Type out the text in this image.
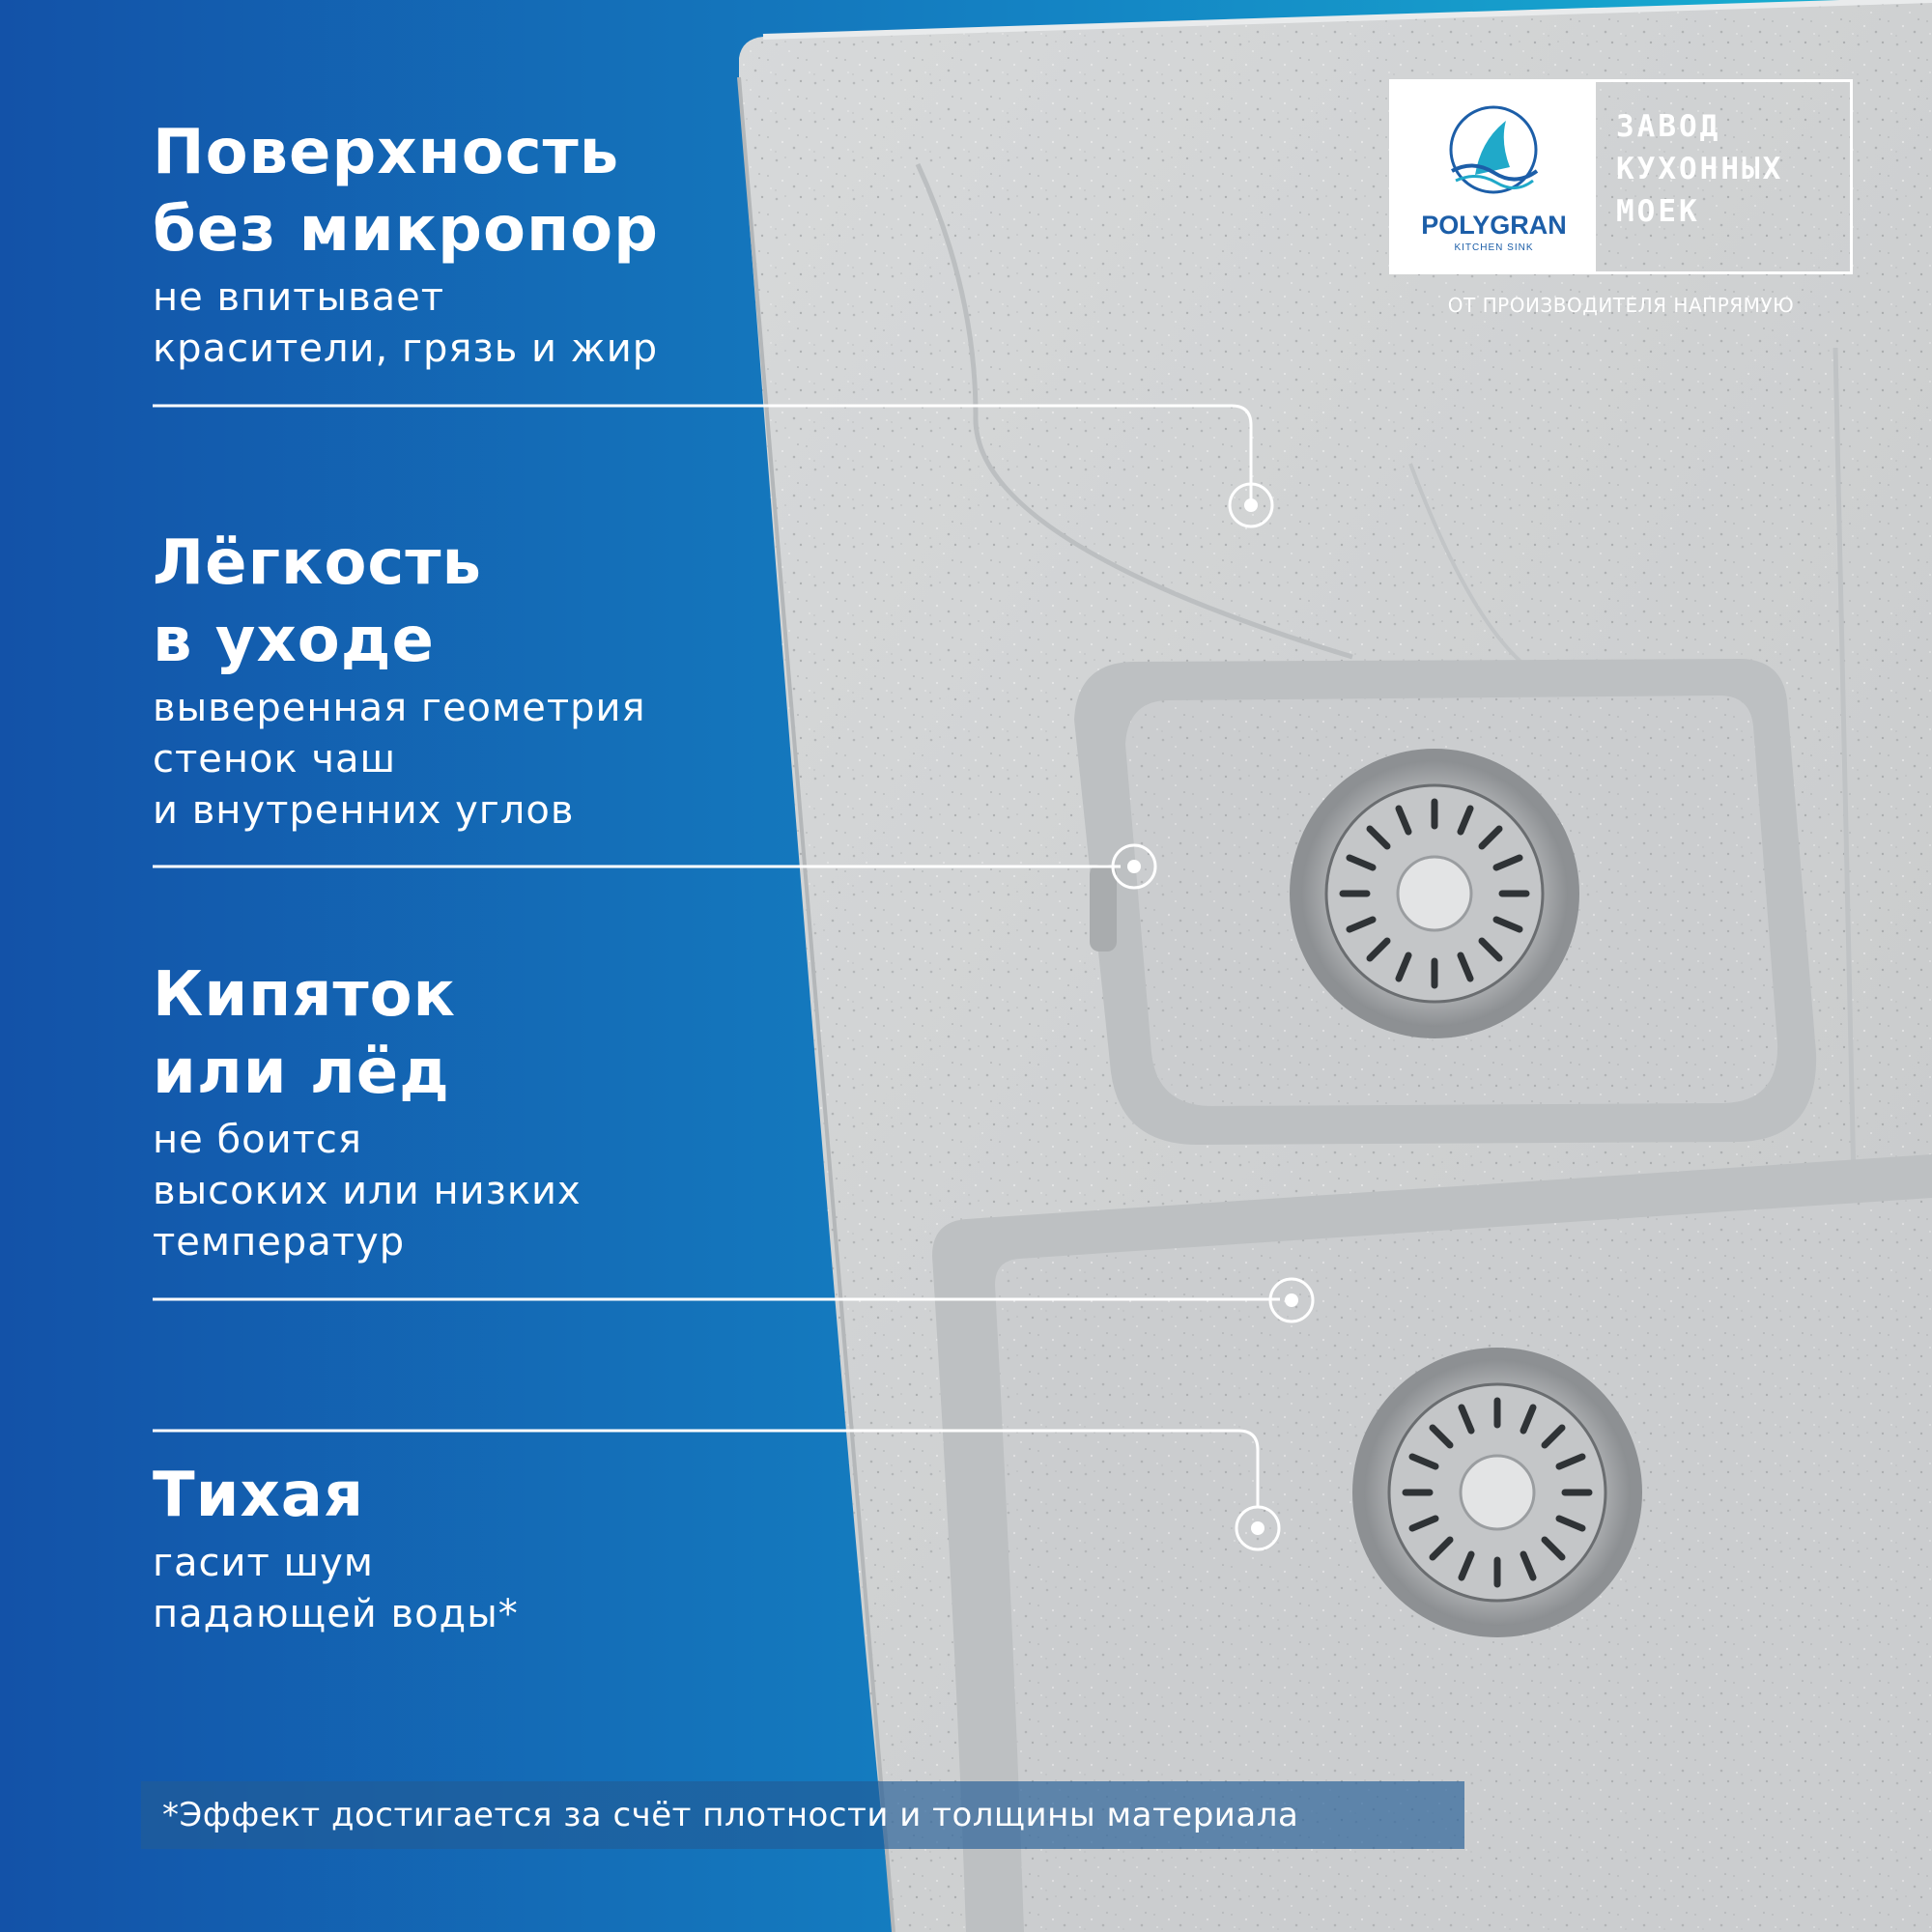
Поверхность
без микропор
не впитывает
красители, грязь и жир
Лёгкость
в уходе
выверенная геометрия
стенок чаш
и внутренних углов
Кипяток
или лёд
не боится
высоких или низких
температур
Тихая
гасит шум
падающей воды*
POLYGRAN
KITCHEN SINK
ЗАВОД
КУХОННЫХ
МОЕК
ОТ ПРОИЗВОДИТЕЛЯ НАПРЯМУЮ
*Эффект достигается за счёт плотности и толщины материала
